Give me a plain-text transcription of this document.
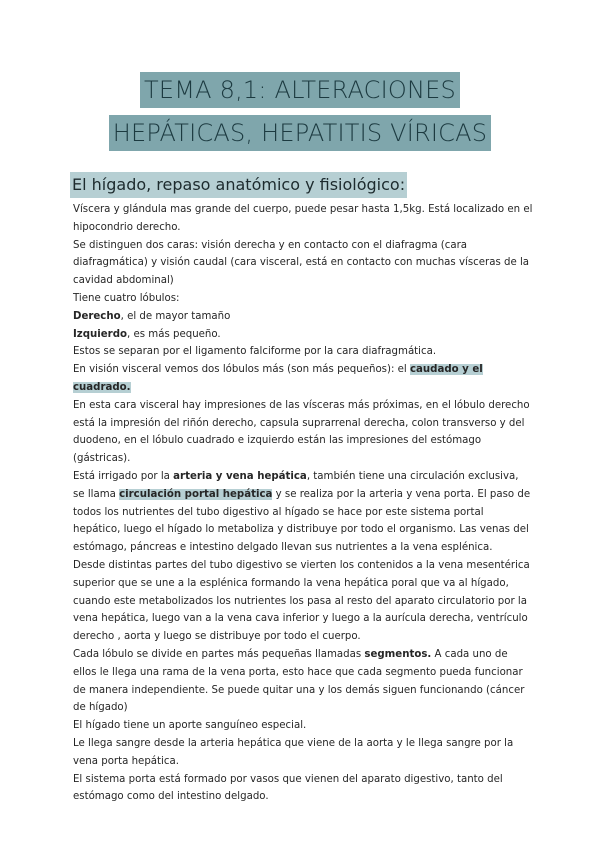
TEMA 8,1: ALTERACIONES
HEPÁTICAS, HEPATITIS VÍRICAS
El hígado, repaso anatómico y fisiológico:

Víscera y glándula mas grande del cuerpo, puede pesar hasta 1,5kg. Está localizado en el hipocondrio derecho.

Se distinguen dos caras: visión derecha y en contacto con el diafragma (cara diafragmática) y visión caudal (cara visceral, está en contacto con muchas vísceras de la cavidad abdominal)

Tiene cuatro lóbulos:

Derecho, el de mayor tamaño

Izquierdo, es más pequeño.

Estos se separan por el ligamento falciforme por la cara diafragmática.

En visión visceral vemos dos lóbulos más (son más pequeños): el caudado y el cuadrado.

En esta cara visceral hay impresiones de las vísceras más próximas, en el lóbulo derecho está la impresión del riñón derecho, capsula suprarrenal derecha, colon transverso y del duodeno, en el lóbulo cuadrado e izquierdo están las impresiones del estómago (gástricas).

Está irrigado por la arteria y vena hepática, también tiene una circulación exclusiva, se llama circulación portal hepática y se realiza por la arteria y vena porta. El paso de todos los nutrientes del tubo digestivo al hígado se hace por este sistema portal hepático, luego el hígado lo metaboliza y distribuye por todo el organismo. Las venas del estómago, páncreas e intestino delgado llevan sus nutrientes a la vena esplénica.

Desde distintas partes del tubo digestivo se vierten los contenidos a la vena mesentérica superior que se une a la esplénica formando la vena hepática poral que va al hígado, cuando este metabolizados los nutrientes los pasa al resto del aparato circulatorio por la vena hepática, luego van a la vena cava inferior y luego a la aurícula derecha, ventrículo derecho , aorta y luego se distribuye por todo el cuerpo.

Cada lóbulo se divide en partes más pequeñas llamadas segmentos. A cada uno de ellos le llega una rama de la vena porta, esto hace que cada segmento pueda funcionar de manera independiente. Se puede quitar una y los demás siguen funcionando (cáncer de hígado)

El hígado tiene un aporte sanguíneo especial.

Le llega sangre desde la arteria hepática que viene de la aorta y le llega sangre por la vena porta hepática.

El sistema porta está formado por vasos que vienen del aparato digestivo, tanto del estómago como del intestino delgado.
